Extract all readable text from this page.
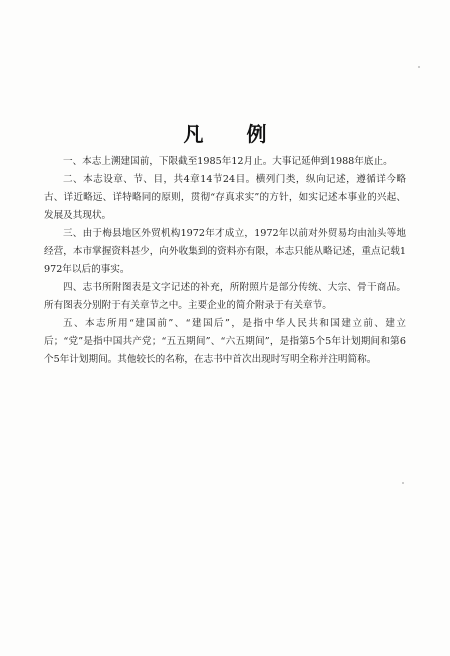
凡 例

一、本志上溯建国前，下限截至1985年12月止。大事记延伸到1988年底止。

二、本志设章、节、目，共4章14节24目。横列门类，纵向记述，遵循详今略古、详近略远、详特略同的原则，贯彻“存真求实”的方针，如实记述本事业的兴起、发展及其现状。

三、由于梅县地区外贸机构1972年才成立，1972年以前对外贸易均由汕头等地经营，本市掌握资料甚少，向外收集到的资料亦有限，本志只能从略记述，重点记载1972年以后的事实。

四、志书所附图表是文字记述的补充，所附照片是部分传统、大宗、骨干商品。所有图表分别附于有关章节之中。主要企业的简介附录于有关章节。

五、本志所用“建国前”、“建国后”，是指中华人民共和国建立前、建立后；“党”是指中国共产党；“五五期间”、“六五期间”，是指第5个5年计划期间和第6个5年计划期间。其他较长的名称，在志书中首次出现时写明全称并注明简称。
